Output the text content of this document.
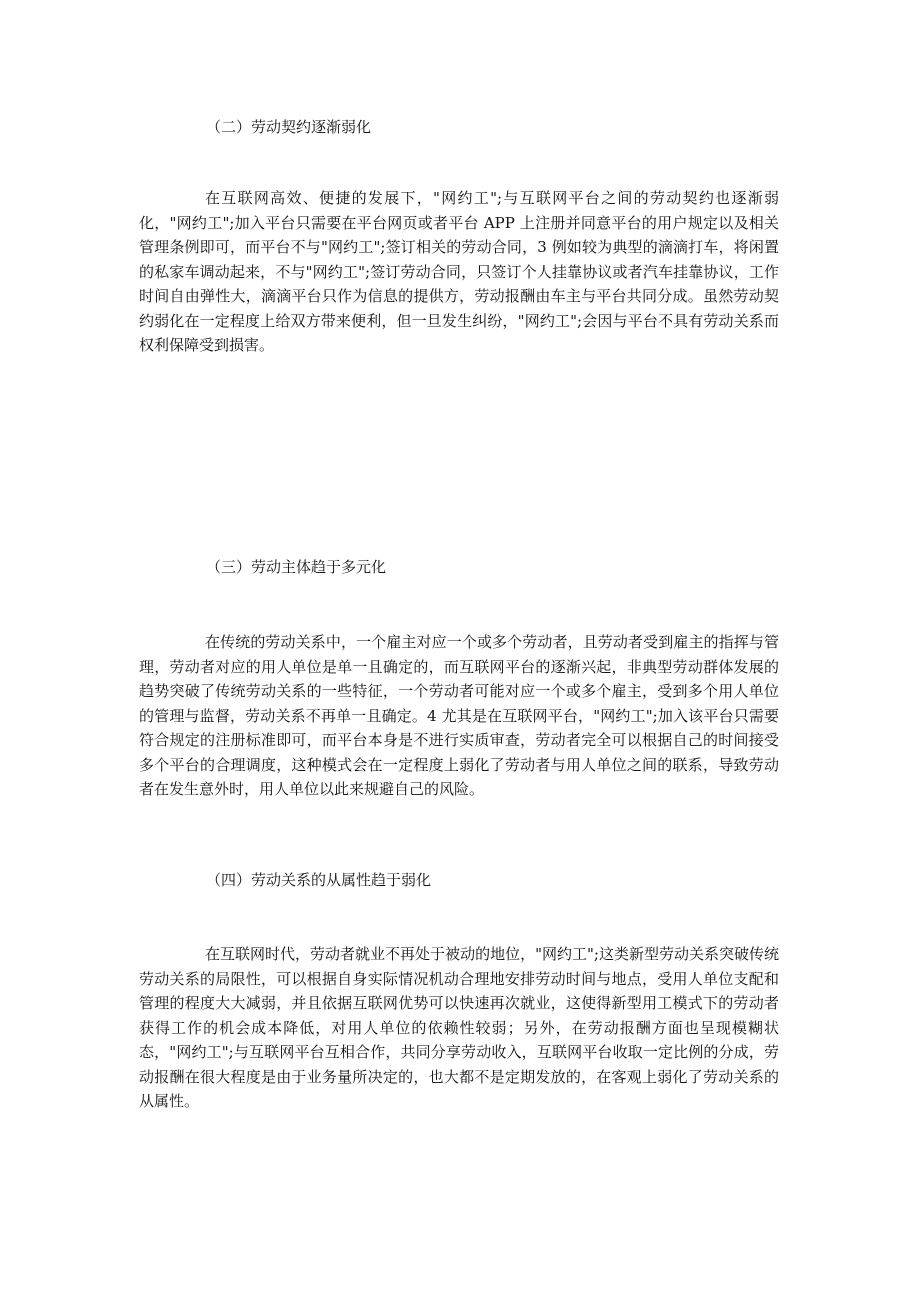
（二）劳动契约逐渐弱化
在互联网高效、便捷的发展下，"网约工";与互联网平台之间的劳动契约也逐渐弱化，"网约工";加入平台只需要在平台网页或者平台 APP 上注册并同意平台的用户规定以及相关管理条例即可，而平台不与"网约工";签订相关的劳动合同，3 例如较为典型的滴滴打车，将闲置的私家车调动起来，不与"网约工";签订劳动合同，只签订个人挂靠协议或者汽车挂靠协议，工作时间自由弹性大，滴滴平台只作为信息的提供方，劳动报酬由车主与平台共同分成。虽然劳动契约弱化在一定程度上给双方带来便利，但一旦发生纠纷，"网约工";会因与平台不具有劳动关系而权利保障受到损害。
（三）劳动主体趋于多元化
在传统的劳动关系中，一个雇主对应一个或多个劳动者，且劳动者受到雇主的指挥与管理，劳动者对应的用人单位是单一且确定的，而互联网平台的逐渐兴起，非典型劳动群体发展的趋势突破了传统劳动关系的一些特征，一个劳动者可能对应一个或多个雇主，受到多个用人单位的管理与监督，劳动关系不再单一且确定。4 尤其是在互联网平台，"网约工";加入该平台只需要符合规定的注册标准即可，而平台本身是不进行实质审查，劳动者完全可以根据自己的时间接受多个平台的合理调度，这种模式会在一定程度上弱化了劳动者与用人单位之间的联系，导致劳动者在发生意外时，用人单位以此来规避自己的风险。
（四）劳动关系的从属性趋于弱化
在互联网时代，劳动者就业不再处于被动的地位，"网约工";这类新型劳动关系突破传统劳动关系的局限性，可以根据自身实际情况机动合理地安排劳动时间与地点，受用人单位支配和管理的程度大大减弱，并且依据互联网优势可以快速再次就业，这使得新型用工模式下的劳动者获得工作的机会成本降低，对用人单位的依赖性较弱；另外，在劳动报酬方面也呈现模糊状态，"网约工";与互联网平台互相合作，共同分享劳动收入，互联网平台收取一定比例的分成，劳动报酬在很大程度是由于业务量所决定的，也大都不是定期发放的，在客观上弱化了劳动关系的从属性。
